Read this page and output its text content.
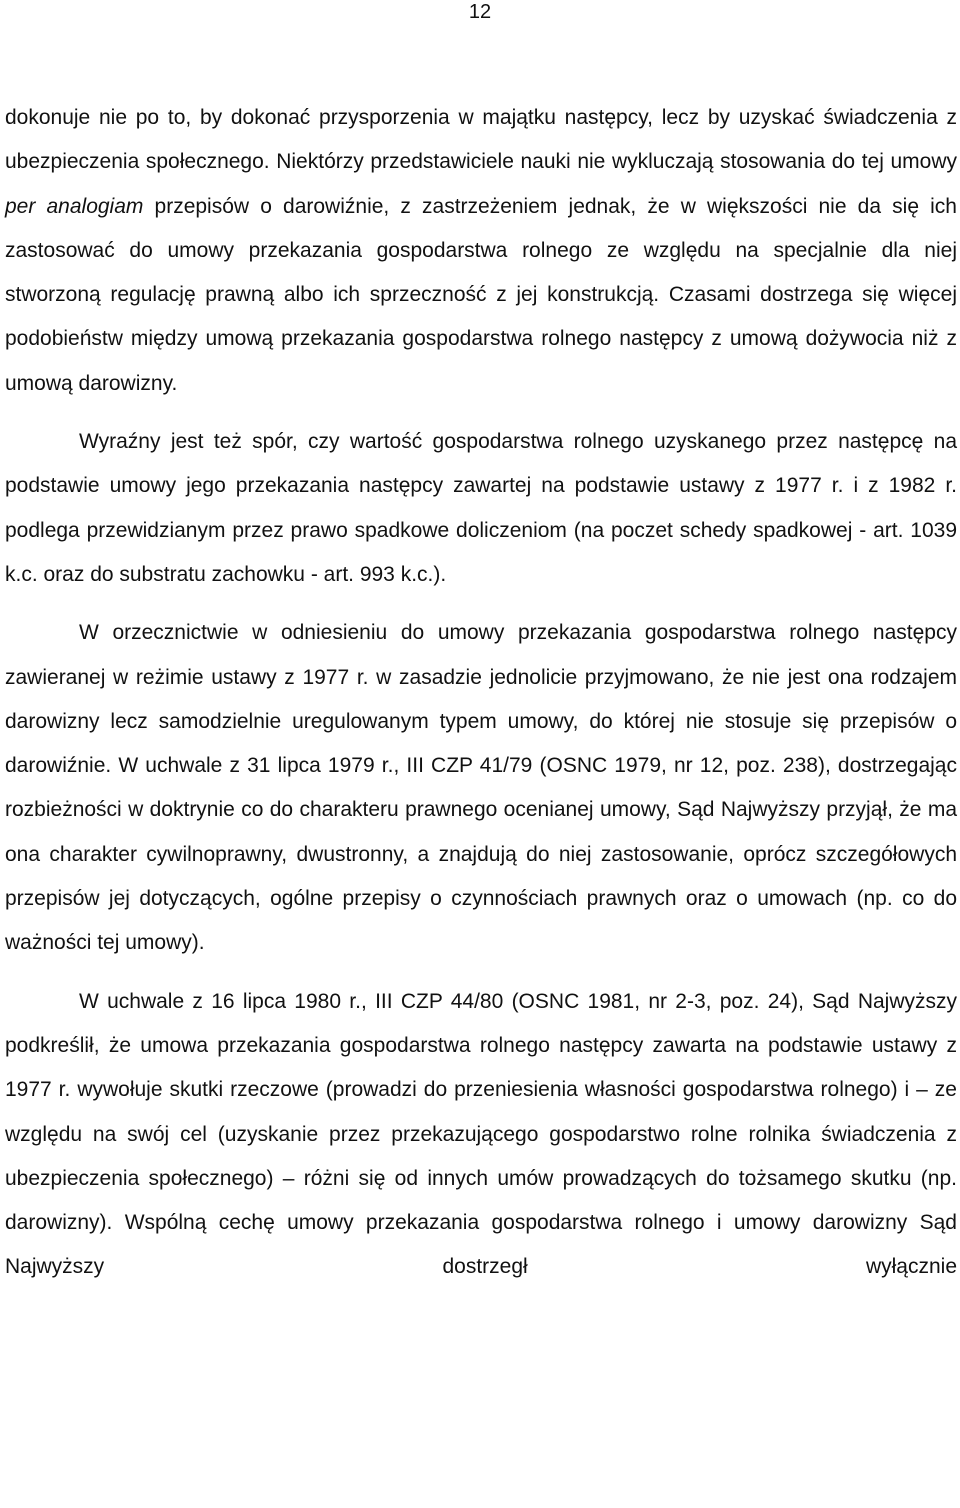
12

dokonuje nie po to, by dokonać przysporzenia w majątku następcy, lecz by uzyskać świadczenia z ubezpieczenia społecznego. Niektórzy przedstawiciele nauki nie wykluczają stosowania do tej umowy per analogiam przepisów o darowiźnie, z zastrzeżeniem jednak, że w większości nie da się ich zastosować do umowy przekazania gospodarstwa rolnego ze względu na specjalnie dla niej stworzoną regulację prawną albo ich sprzeczność z jej konstrukcją. Czasami dostrzega się więcej podobieństw między umową przekazania gospodarstwa rolnego następcy z umową dożywocia niż z umową darowizny.

Wyraźny jest też spór, czy wartość gospodarstwa rolnego uzyskanego przez następcę na podstawie umowy jego przekazania następcy zawartej na podstawie ustawy z 1977 r. i z 1982 r. podlega przewidzianym przez prawo spadkowe doliczeniom (na poczet schedy spadkowej - art. 1039 k.c. oraz do substratu zachowku - art. 993 k.c.).

W orzecznictwie w odniesieniu do umowy przekazania gospodarstwa rolnego następcy zawieranej w reżimie ustawy z 1977 r. w zasadzie jednolicie przyjmowano, że nie jest ona rodzajem darowizny lecz samodzielnie uregulowanym typem umowy, do której nie stosuje się przepisów o darowiźnie. W uchwale z 31 lipca 1979 r., III CZP 41/79 (OSNC 1979, nr 12, poz. 238), dostrzegając rozbieżności w doktrynie co do charakteru prawnego ocenianej umowy, Sąd Najwyższy przyjął, że ma ona charakter cywilnoprawny, dwustronny, a znajdują do niej zastosowanie, oprócz szczegółowych przepisów jej dotyczących, ogólne przepisy o czynnościach prawnych oraz o umowach (np. co do ważności tej umowy).

W uchwale z 16 lipca 1980 r., III CZP 44/80 (OSNC 1981, nr 2-3, poz. 24), Sąd Najwyższy podkreślił, że umowa przekazania gospodarstwa rolnego następcy zawarta na podstawie ustawy z 1977 r. wywołuje skutki rzeczowe (prowadzi do przeniesienia własności gospodarstwa rolnego) i – ze względu na swój cel (uzyskanie przez przekazującego gospodarstwo rolne rolnika świadczenia z ubezpieczenia społecznego) – różni się od innych umów prowadzących do tożsamego skutku (np. darowizny). Wspólną cechę umowy przekazania gospodarstwa rolnego i umowy darowizny Sąd Najwyższy dostrzegł wyłącznie
